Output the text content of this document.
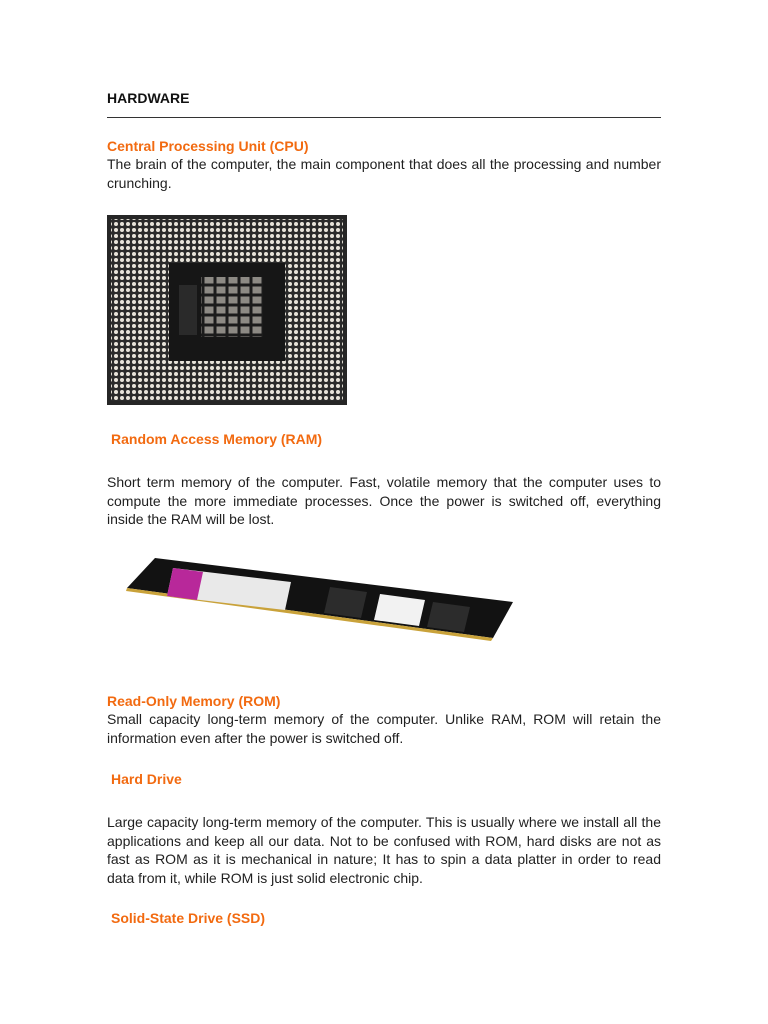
HARDWARE
Central Processing Unit (CPU)
The brain of the computer, the main component that does all the processing and number crunching.
Random Access Memory (RAM)
Short term memory of the computer. Fast, volatile memory that the computer uses to compute the more immediate processes. Once the power is switched off, everything inside the RAM will be lost.
Read-Only Memory (ROM)
Small capacity long-term memory of the computer. Unlike RAM, ROM will retain the information even after the power is switched off.
Hard Drive
Large capacity long-term memory of the computer. This is usually where we install all the applications and keep all our data. Not to be confused with ROM, hard disks are not as fast as ROM as it is mechanical in nature; It has to spin a data platter in order to read data from it, while ROM is just solid electronic chip.
Solid-State Drive (SSD)
